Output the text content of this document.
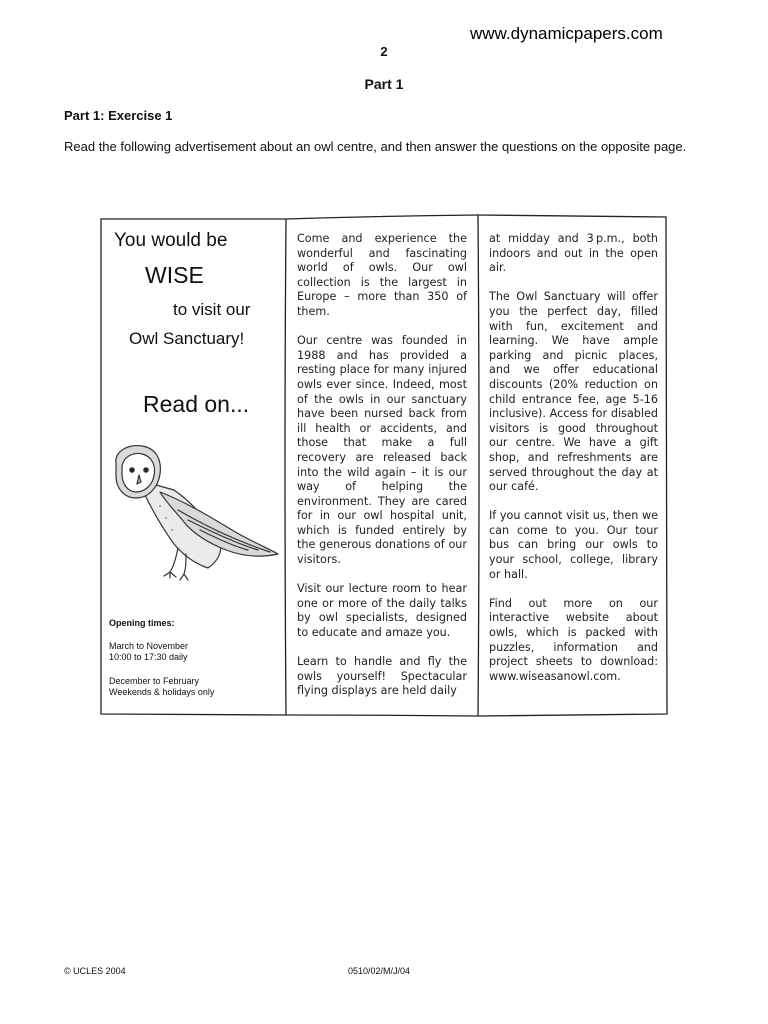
www.dynamicpapers.com
2
Part 1
Part 1: Exercise 1
Read the following advertisement about an owl centre, and then answer the questions on the opposite page.
You would be
WISE
to visit our
Owl Sanctuary!
Read on...
Opening times:
March to November
10:00 to 17:30 daily
December to February
Weekends & holidays only

Come and experience the wonderful and fascinating world of owls. Our owl collection is the largest in Europe – more than 350 of them.

Our centre was founded in 1988 and has provided a resting place for many injured owls ever since. Indeed, most of the owls in our sanctuary have been nursed back from ill health or accidents, and those that make a full recovery are released back into the wild again – it is our way of helping the environment. They are cared for in our owl hospital unit, which is funded entirely by the generous donations of our visitors.

Visit our lecture room to hear one or more of the daily talks by owl specialists, designed to educate and amaze you.

Learn to handle and fly the owls yourself! Spectacular flying displays are held daily

at midday and 3 p.m., both indoors and out in the open air.

The Owl Sanctuary will offer you the perfect day, filled with fun, excitement and learning. We have ample parking and picnic places, and we offer educational discounts (20% reduction on child entrance fee, age 5-16 inclusive). Access for disabled visitors is good throughout our centre. We have a gift shop, and refreshments are served throughout the day at our café.

If you cannot visit us, then we can come to you. Our tour bus can bring our owls to your school, college, library or hall.

Find out more on our interactive website about owls, which is packed with puzzles, information and project sheets to download: www.wiseasanowl.com.

© UCLES 2004	0510/02/M/J/04
